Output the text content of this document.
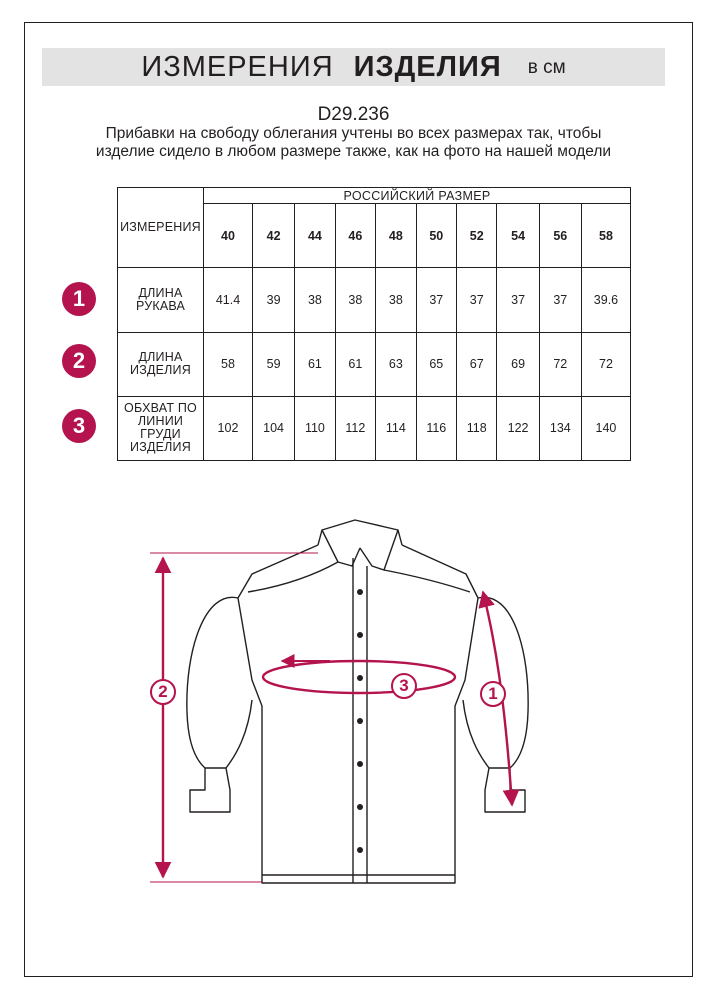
ИЗМЕРЕНИЯ ИЗДЕЛИЯ в см
D29.236
Прибавки на свободу облегания учтены во всех размерах так, чтобы изделие сидело в любом размере также, как на фото на нашей модели
ИЗМЕРЕНИЯ	РОССИЙСКИЙ РАЗМЕР									
	40	42	44	46	48	50	52	54	56	58
ДЛИНА РУКАВА	41.4	39	38	38	38	37	37	37	37	39.6
ДЛИНА ИЗДЕЛИЯ	58	59	61	61	63	65	67	69	72	72
ОБХВАТ ПО ЛИНИИ ГРУДИ ИЗДЕЛИЯ	102	104	110	112	114	116	118	122	134	140
1
2
3
2	3	1
